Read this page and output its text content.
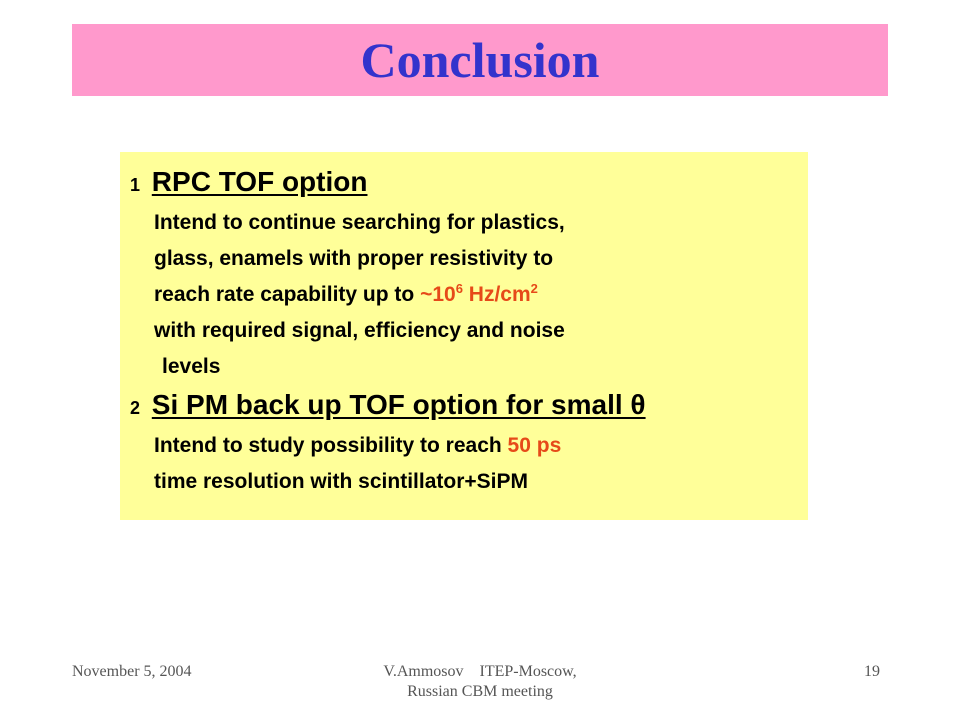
Conclusion
1 RPC TOF option
Intend to continue searching for plastics,
glass, enamels with proper resistivity to
reach rate capability up to $\sim 10^6$ $Hz/cm^2$
with required signal, efficiency and noise
levels
2 Si PM back up TOF option for small θ
Intend to study possibility to reach 50 ps
time resolution with scintillator+SiPM
November 5, 2004	V.Ammosov    ITEP-Moscow,
Russian CBM meeting
19
